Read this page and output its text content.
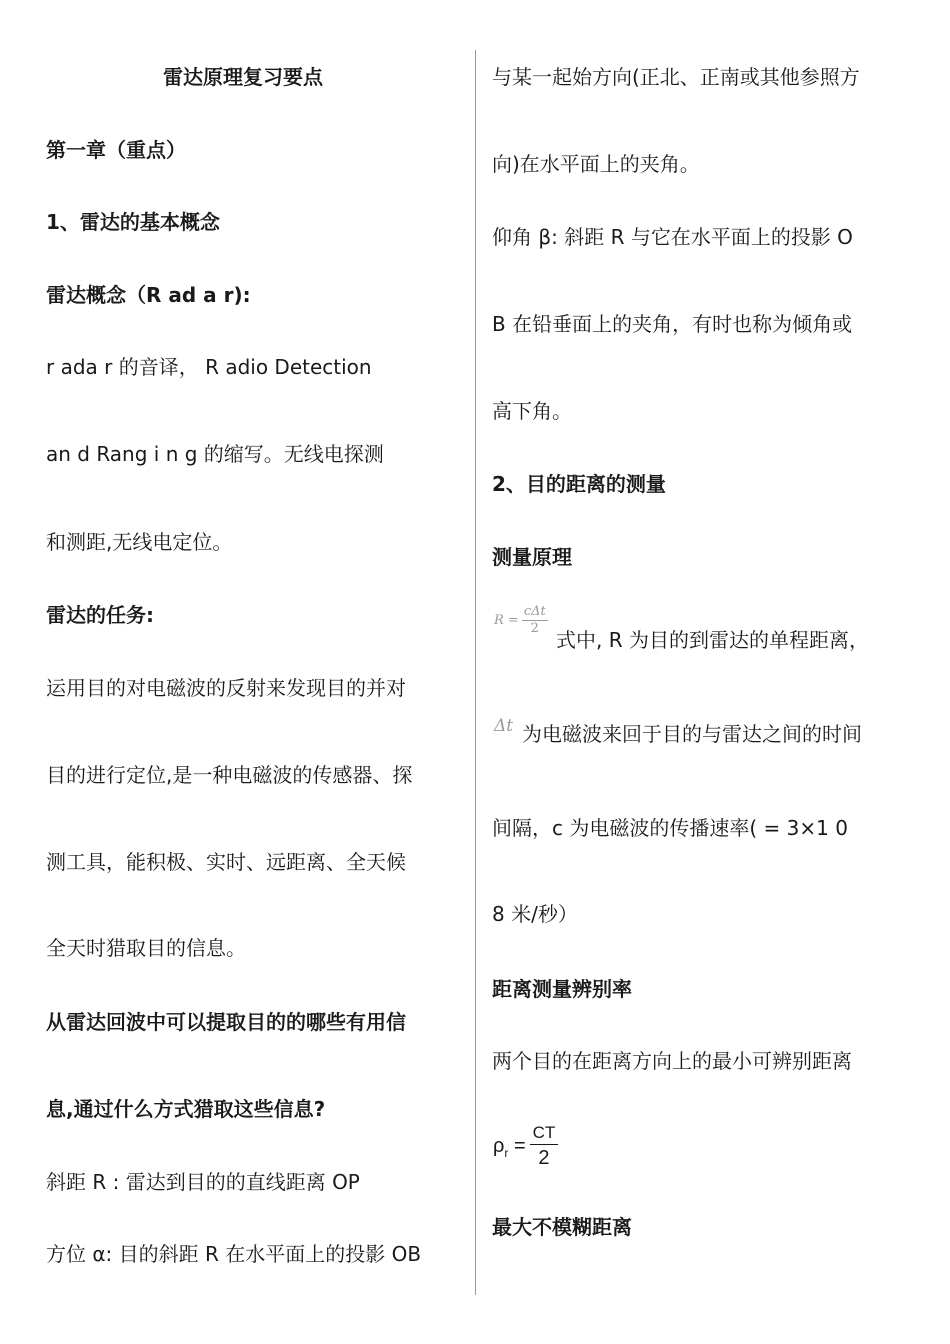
雷达原理复习要点
第一章（重点）
1、雷达的基本概念
雷达概念（R ad a r):
r ada r 的音译， R adio Detection
an d Rang i n g 的缩写。无线电探测
和测距,无线电定位。
雷达的任务:
运用目的对电磁波的反射来发现目的并对
目的进行定位,是一种电磁波的传感器、探
测工具，能积极、实时、远距离、全天候
全天时猎取目的信息。
从雷达回波中可以提取目的的哪些有用信
息,通过什么方式猎取这些信息?
斜距 R : 雷达到目的的直线距离 OP
方位 α: 目的斜距 R 在水平面上的投影 OB
与某一起始方向(正北、正南或其他参照方
向)在水平面上的夹角。
仰角 β: 斜距 R 与它在水平面上的投影 O
B 在铅垂面上的夹角，有时也称为倾角或
高下角。
2、目的距离的测量
测量原理
$R = \frac{\text{cΔt}}{2}$
式中, R 为目的到雷达的单程距离，
Δt 为电磁波来回于目的与雷达之间的时间
间隔，c 为电磁波的传播速率( = 3×1 0
8 米/秒）
距离测量辨别率
两个目的在距离方向上的最小可辨别距离
$\rho_r = \frac{CT}{2}$
最大不模糊距离
